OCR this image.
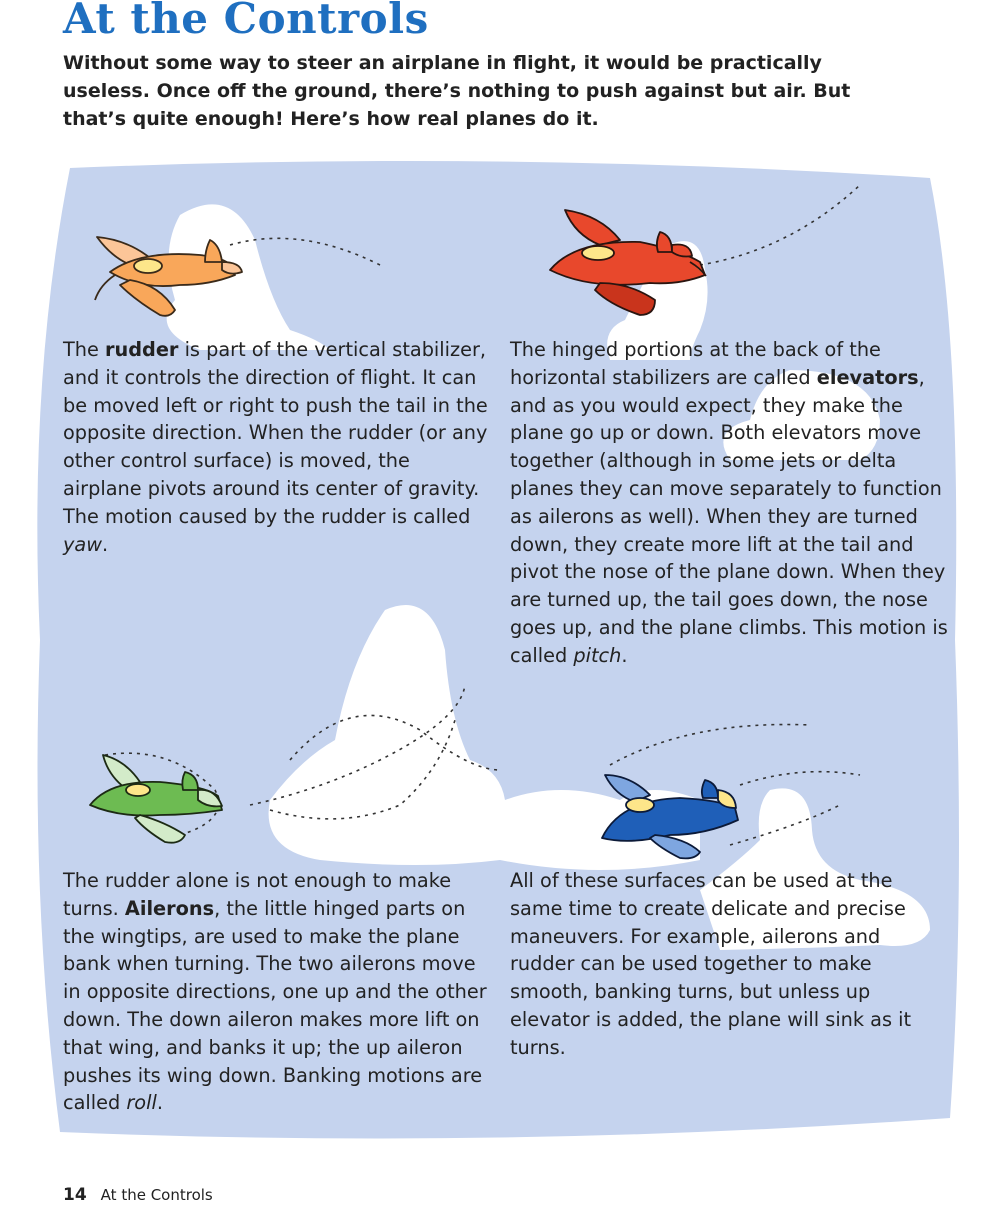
At the Controls

Without some way to steer an airplane in flight, it would be practically useless. Once off the ground, there’s nothing to push against but air. But that’s quite enough! Here’s how real planes do it.

The rudder is part of the vertical stabilizer, and it controls the direction of flight. It can be moved left or right to push the tail in the opposite direction. When the rudder (or any other control surface) is moved, the airplane pivots around its center of gravity. The motion caused by the rudder is called yaw.

The hinged portions at the back of the horizontal stabilizers are called elevators, and as you would expect, they make the plane go up or down. Both elevators move together (although in some jets or delta planes they can move separately to function as ailerons as well). When they are turned down, they create more lift at the tail and pivot the nose of the plane down. When they are turned up, the tail goes down, the nose goes up, and the plane climbs. This motion is called pitch.

The rudder alone is not enough to make turns. Ailerons, the little hinged parts on the wingtips, are used to make the plane bank when turning. The two ailerons move in opposite directions, one up and the other down. The down aileron makes more lift on that wing, and banks it up; the up aileron pushes its wing down. Banking motions are called roll.

All of these surfaces can be used at the same time to create delicate and precise maneuvers. For example, ailerons and rudder can be used together to make smooth, banking turns, but unless up elevator is added, the plane will sink as it turns.

14 At the Controls
